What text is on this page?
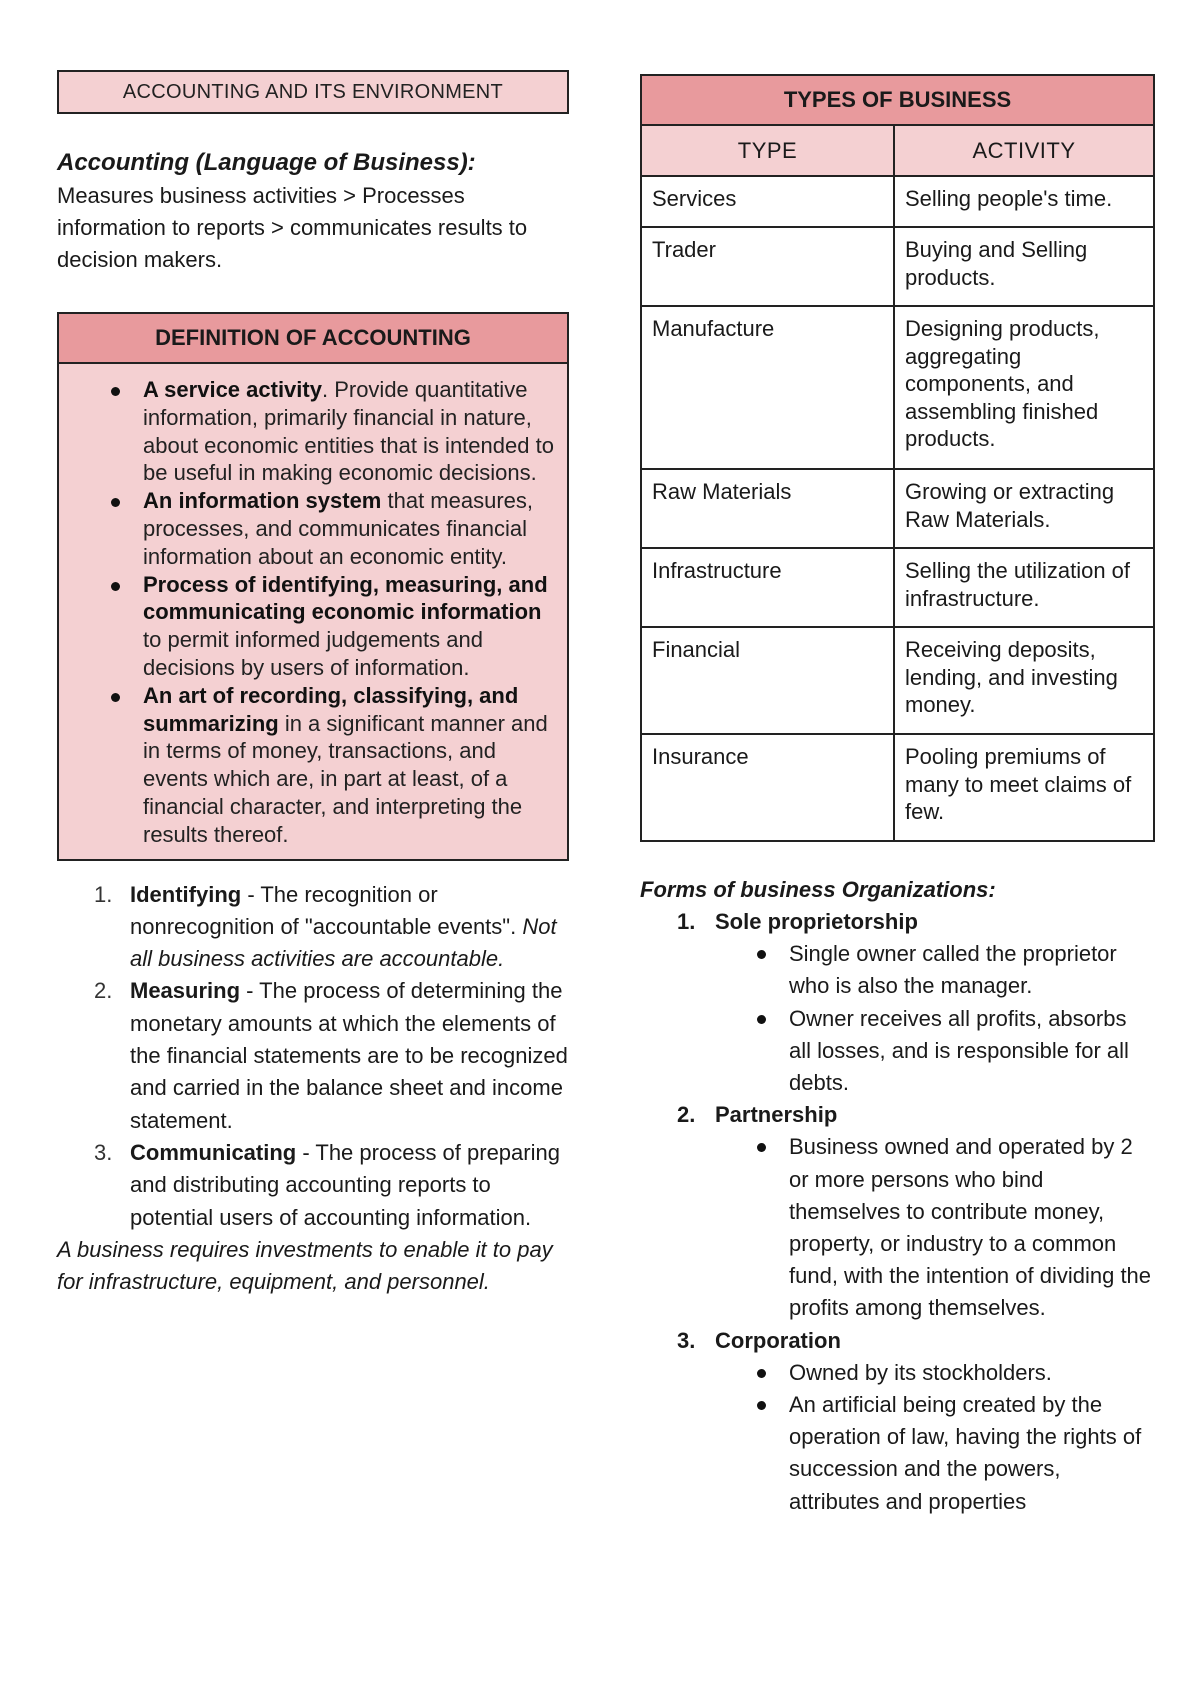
ACCOUNTING AND ITS ENVIRONMENT
Accounting (Language of Business):
Measures business activities > Processes information to reports > communicates results to decision makers.
DEFINITION OF ACCOUNTING
A service activity. Provide quantitative information, primarily financial in nature, about economic entities that is intended to be useful in making economic decisions.
An information system that measures, processes, and communicates financial information about an economic entity.
Process of identifying, measuring, and communicating economic information to permit informed judgements and decisions by users of information.
An art of recording, classifying, and summarizing in a significant manner and in terms of money, transactions, and events which are, in part at least, of a financial character, and interpreting the results thereof.
Identifying - The recognition or nonrecognition of "accountable events". Not all business activities are accountable.
Measuring - The process of determining the monetary amounts at which the elements of the financial statements are to be recognized and carried in the balance sheet and income statement.
Communicating - The process of preparing and distributing accounting reports to potential users of accounting information.
A business requires investments to enable it to pay for infrastructure, equipment, and personnel.
TYPES OF BUSINESS	
TYPE	ACTIVITY
Services	Selling people's time.
Trader	Buying and Selling products.
Manufacture	Designing products, aggregating components, and assembling finished products.
Raw Materials	Growing or extracting Raw Materials.
Infrastructure	Selling the utilization of infrastructure.
Financial	Receiving deposits, lending, and investing money.
Insurance	Pooling premiums of many to meet claims of few.
Forms of business Organizations:
Sole proprietorship
Single owner called the proprietor who is also the manager.
Owner receives all profits, absorbs all losses, and is responsible for all debts.
Partnership
Business owned and operated by 2 or more persons who bind themselves to contribute money, property, or industry to a common fund, with the intention of dividing the profits among themselves.
Corporation
Owned by its stockholders.
An artificial being created by the operation of law, having the rights of succession and the powers, attributes and properties
